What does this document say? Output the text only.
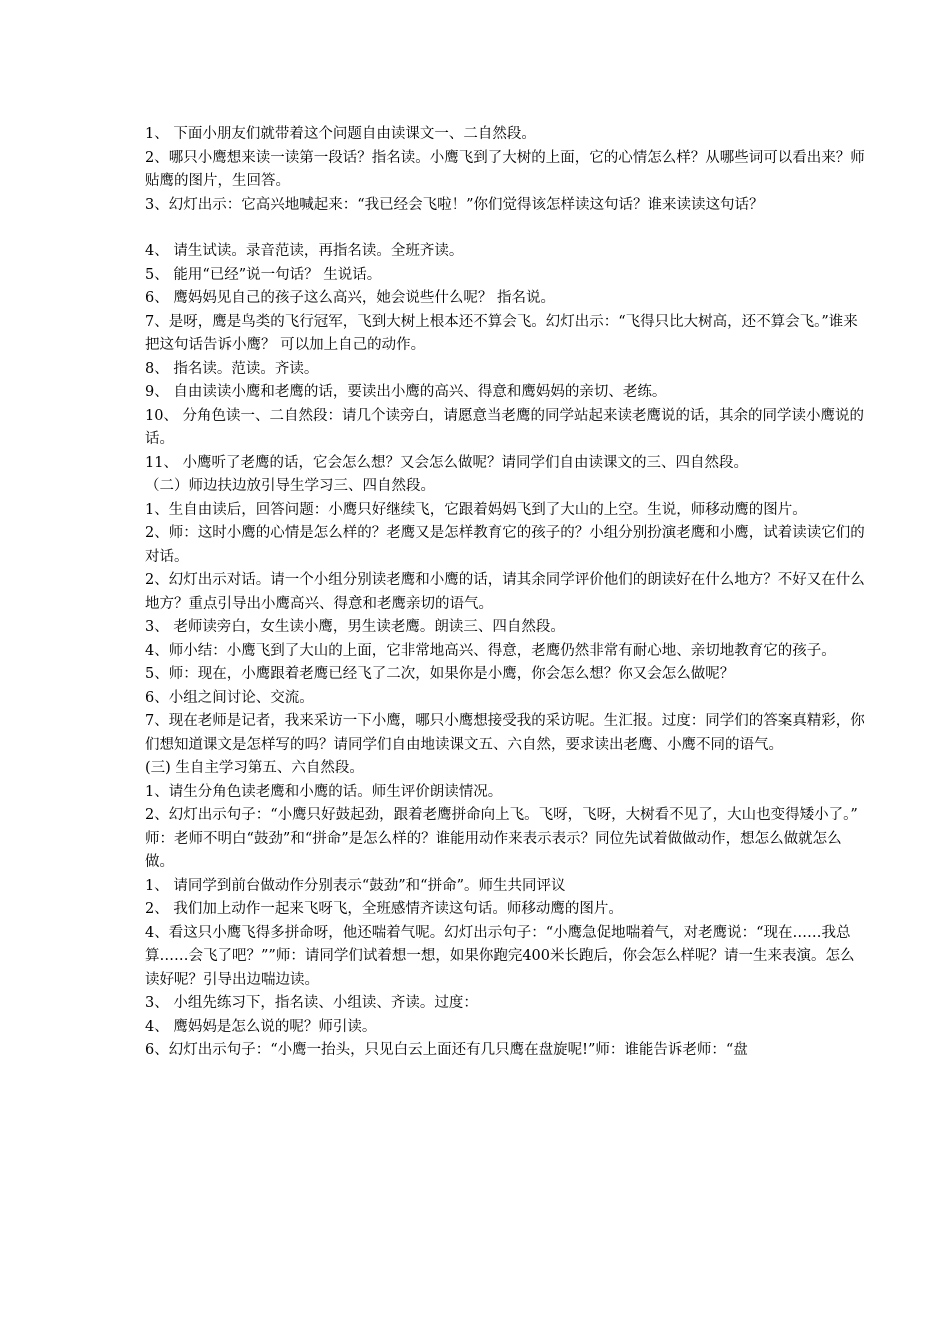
1、 下面小朋友们就带着这个问题自由读课文一、二自然段。

2、哪只小鹰想来读一读第一段话？指名读。小鹰飞到了大树的上面，它的心情怎么样？从哪些词可以看出来？师贴鹰的图片，生回答。

3、幻灯出示：它高兴地喊起来：“我已经会飞啦！”你们觉得该怎样读这句话？谁来读读这句话？

4、 请生试读。录音范读，再指名读。全班齐读。

5、 能用“已经”说一句话？ 生说话。

6、 鹰妈妈见自己的孩子这么高兴，她会说些什么呢？ 指名说。

7、是呀，鹰是鸟类的飞行冠军，飞到大树上根本还不算会飞。幻灯出示：“飞得只比大树高，还不算会飞。”谁来把这句话告诉小鹰？ 可以加上自己的动作。

8、 指名读。范读。齐读。

9、 自由读读小鹰和老鹰的话，要读出小鹰的高兴、得意和鹰妈妈的亲切、老练。

10、 分角色读一、二自然段：请几个读旁白，请愿意当老鹰的同学站起来读老鹰说的话，其余的同学读小鹰说的话。

11、 小鹰听了老鹰的话，它会怎么想？又会怎么做呢？请同学们自由读课文的三、四自然段。

（二）师边扶边放引导生学习三、四自然段。

1、生自由读后，回答问题：小鹰只好继续飞，它跟着妈妈飞到了大山的上空。生说，师移动鹰的图片。

2、师：这时小鹰的心情是怎么样的？老鹰又是怎样教育它的孩子的？小组分别扮演老鹰和小鹰，试着读读它们的对话。

2、幻灯出示对话。请一个小组分别读老鹰和小鹰的话，请其余同学评价他们的朗读好在什么地方？不好又在什么地方？重点引导出小鹰高兴、得意和老鹰亲切的语气。

3、 老师读旁白，女生读小鹰，男生读老鹰。朗读三、四自然段。

4、师小结：小鹰飞到了大山的上面，它非常地高兴、得意，老鹰仍然非常有耐心地、亲切地教育它的孩子。

5、师：现在，小鹰跟着老鹰已经飞了二次，如果你是小鹰，你会怎么想？你又会怎么做呢？

6、小组之间讨论、交流。

7、现在老师是记者，我来采访一下小鹰，哪只小鹰想接受我的采访呢。生汇报。过度：同学们的答案真精彩，你们想知道课文是怎样写的吗？请同学们自由地读课文五、六自然，要求读出老鹰、小鹰不同的语气。

(三) 生自主学习第五、六自然段。

1、请生分角色读老鹰和小鹰的话。师生评价朗读情况。

2、幻灯出示句子：“小鹰只好鼓起劲，跟着老鹰拼命向上飞。飞呀，飞呀，大树看不见了，大山也变得矮小了。”

师：老师不明白“鼓劲”和“拼命”是怎么样的？谁能用动作来表示表示？同位先试着做做动作，想怎么做就怎么做。

1、 请同学到前台做动作分别表示“鼓劲”和“拼命”。师生共同评议

2、 我们加上动作一起来飞呀飞，全班感情齐读这句话。师移动鹰的图片。

4、看这只小鹰飞得多拼命呀，他还喘着气呢。幻灯出示句子：“小鹰急促地喘着气，对老鹰说：“现在……我总算……会飞了吧？””师：请同学们试着想一想，如果你跑完400米长跑后，你会怎么样呢？请一生来表演。怎么读好呢？引导出边喘边读。

3、 小组先练习下，指名读、小组读、齐读。过度：

4、 鹰妈妈是怎么说的呢？师引读。

6、幻灯出示句子：“小鹰一抬头，只见白云上面还有几只鹰在盘旋呢!”师：谁能告诉老师：“盘
